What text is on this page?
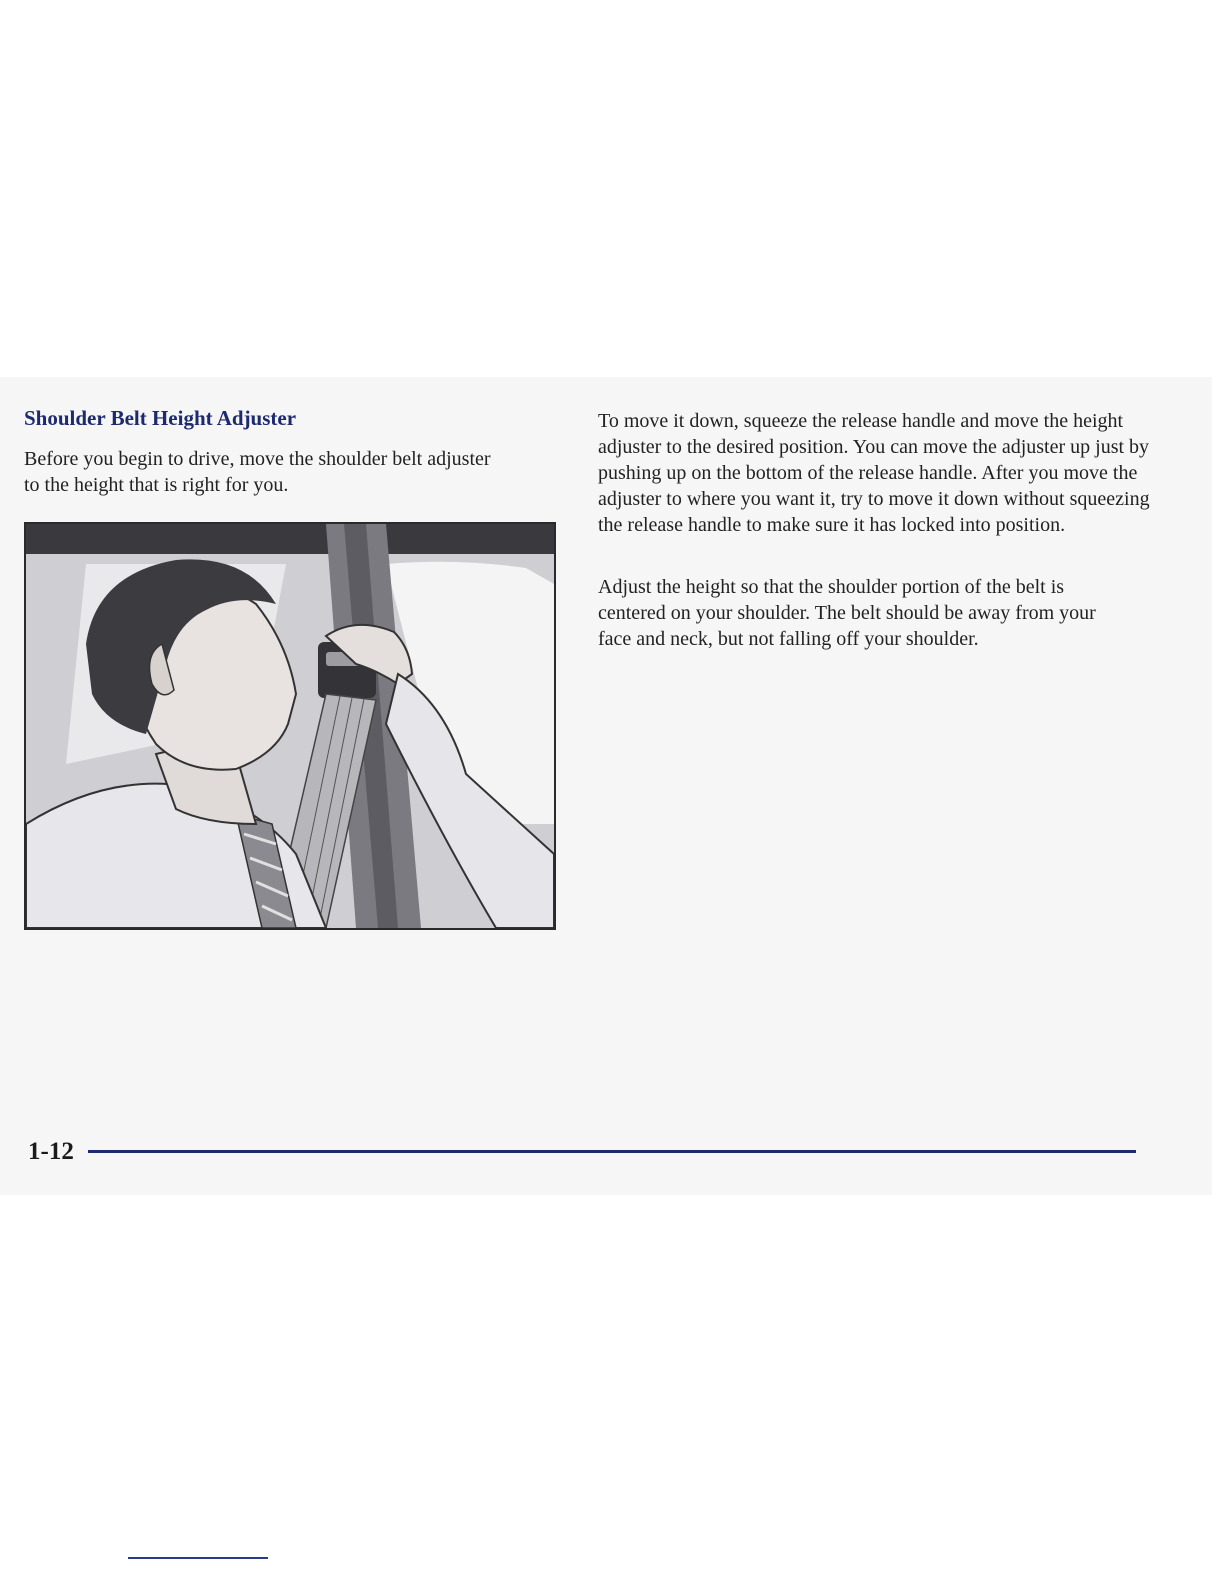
Shoulder Belt Height Adjuster

Before you begin to drive, move the shoulder belt adjuster to the height that is right for you.

To move it down, squeeze the release handle and move the height adjuster to the desired position. You can move the adjuster up just by pushing up on the bottom of the release handle. After you move the adjuster to where you want it, try to move it down without squeezing the release handle to make sure it has locked into position.

Adjust the height so that the shoulder portion of the belt is centered on your shoulder. The belt should be away from your face and neck, but not falling off your shoulder.

1-12
